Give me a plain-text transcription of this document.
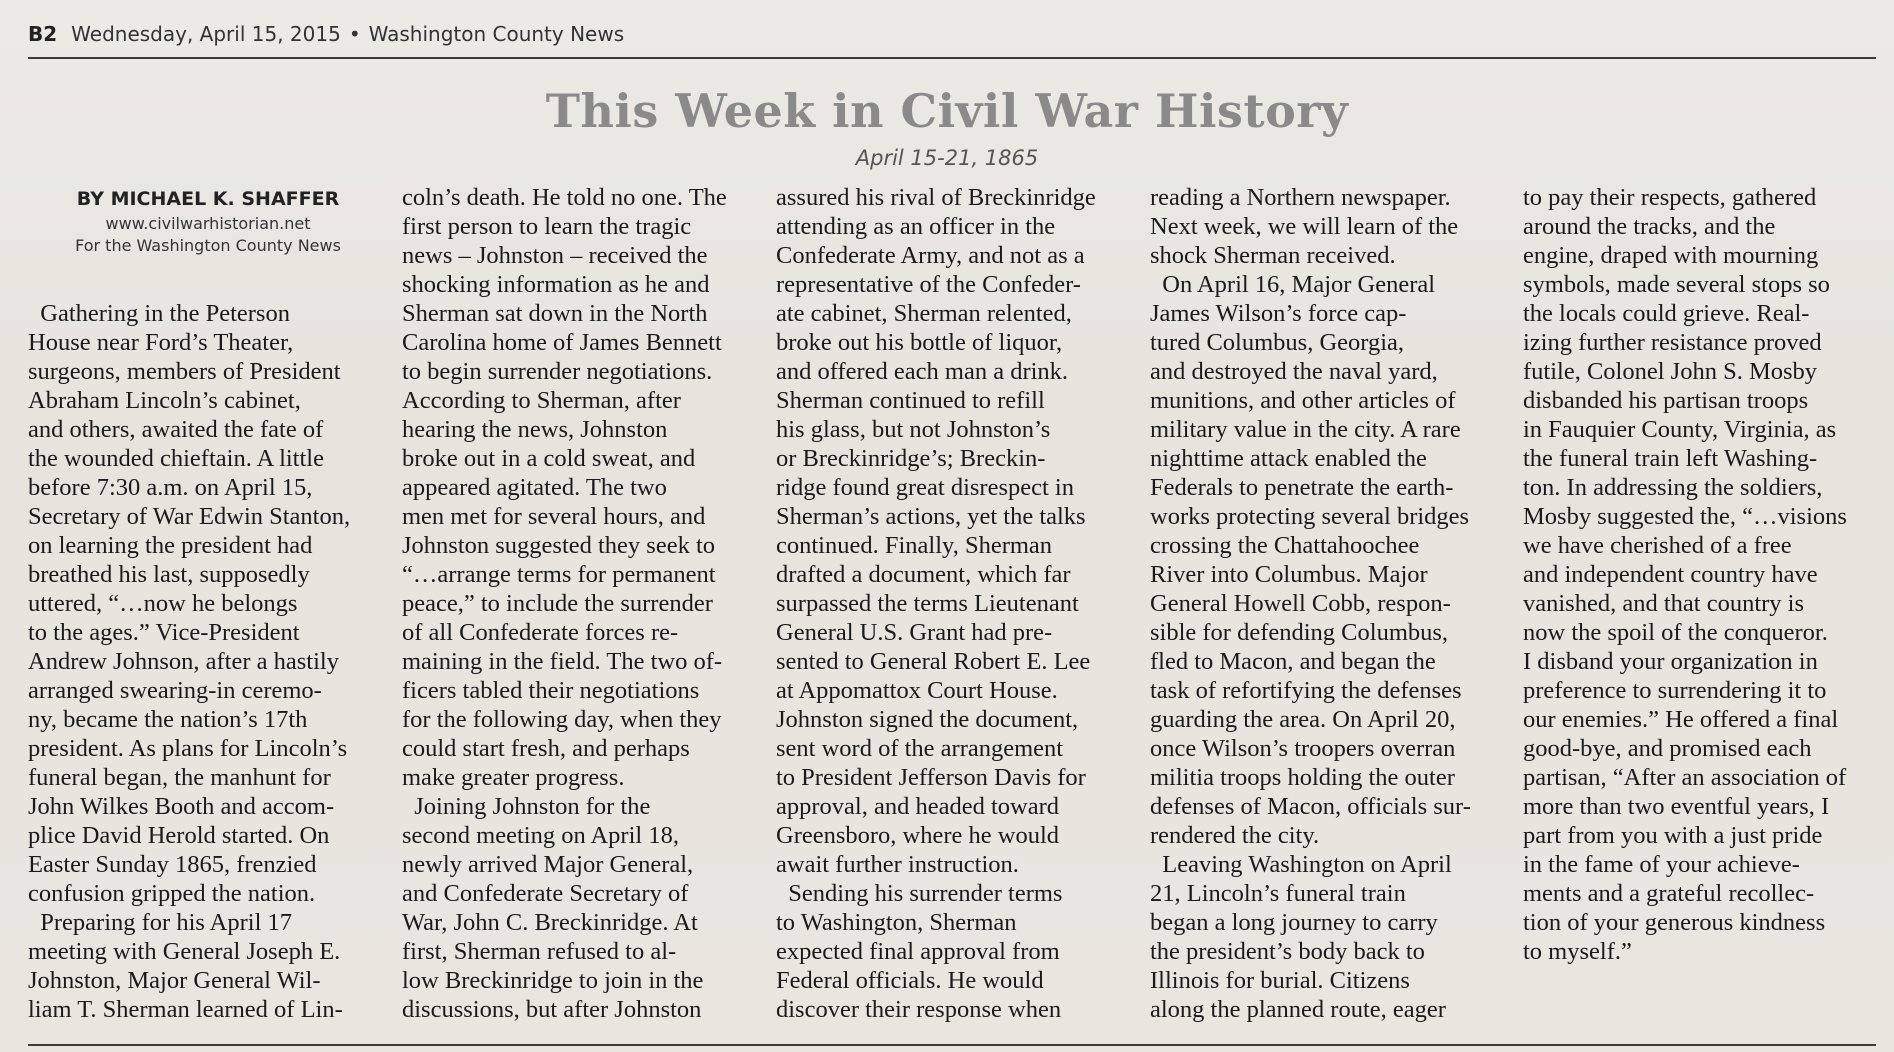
B2 Wednesday, April 15, 2015 • Washington County News
This Week in Civil War History
April 15-21, 1865
BY MICHAEL K. SHAFFER
www.civilwarhistorian.net
For the Washington County News
Gathering in the Peterson
House near Ford’s Theater,
surgeons, members of President
Abraham Lincoln’s cabinet,
and others, awaited the fate of
the wounded chieftain. A little
before 7:30 a.m. on April 15,
Secretary of War Edwin Stanton,
on learning the president had
breathed his last, supposedly
uttered, “…now he belongs
to the ages.” Vice-President
Andrew Johnson, after a hastily
arranged swearing-in ceremo-
ny, became the nation’s 17th
president. As plans for Lincoln’s
funeral began, the manhunt for
John Wilkes Booth and accom-
plice David Herold started. On
Easter Sunday 1865, frenzied
confusion gripped the nation.
Preparing for his April 17
meeting with General Joseph E.
Johnston, Major General Wil-
liam T. Sherman learned of Lin-
coln’s death. He told no one. The
first person to learn the tragic
news – Johnston – received the
shocking information as he and
Sherman sat down in the North
Carolina home of James Bennett
to begin surrender negotiations.
According to Sherman, after
hearing the news, Johnston
broke out in a cold sweat, and
appeared agitated. The two
men met for several hours, and
Johnston suggested they seek to
“…arrange terms for permanent
peace,” to include the surrender
of all Confederate forces re-
maining in the field. The two of-
ficers tabled their negotiations
for the following day, when they
could start fresh, and perhaps
make greater progress.
Joining Johnston for the
second meeting on April 18,
newly arrived Major General,
and Confederate Secretary of
War, John C. Breckinridge. At
first, Sherman refused to al-
low Breckinridge to join in the
discussions, but after Johnston
assured his rival of Breckinridge
attending as an officer in the
Confederate Army, and not as a
representative of the Confeder-
ate cabinet, Sherman relented,
broke out his bottle of liquor,
and offered each man a drink.
Sherman continued to refill
his glass, but not Johnston’s
or Breckinridge’s; Breckin-
ridge found great disrespect in
Sherman’s actions, yet the talks
continued. Finally, Sherman
drafted a document, which far
surpassed the terms Lieutenant
General U.S. Grant had pre-
sented to General Robert E. Lee
at Appomattox Court House.
Johnston signed the document,
sent word of the arrangement
to President Jefferson Davis for
approval, and headed toward
Greensboro, where he would
await further instruction.
Sending his surrender terms
to Washington, Sherman
expected final approval from
Federal officials. He would
discover their response when
reading a Northern newspaper.
Next week, we will learn of the
shock Sherman received.
On April 16, Major General
James Wilson’s force cap-
tured Columbus, Georgia,
and destroyed the naval yard,
munitions, and other articles of
military value in the city. A rare
nighttime attack enabled the
Federals to penetrate the earth-
works protecting several bridges
crossing the Chattahoochee
River into Columbus. Major
General Howell Cobb, respon-
sible for defending Columbus,
fled to Macon, and began the
task of refortifying the defenses
guarding the area. On April 20,
once Wilson’s troopers overran
militia troops holding the outer
defenses of Macon, officials sur-
rendered the city.
Leaving Washington on April
21, Lincoln’s funeral train
began a long journey to carry
the president’s body back to
Illinois for burial. Citizens
along the planned route, eager
to pay their respects, gathered
around the tracks, and the
engine, draped with mourning
symbols, made several stops so
the locals could grieve. Real-
izing further resistance proved
futile, Colonel John S. Mosby
disbanded his partisan troops
in Fauquier County, Virginia, as
the funeral train left Washing-
ton. In addressing the soldiers,
Mosby suggested the, “…visions
we have cherished of a free
and independent country have
vanished, and that country is
now the spoil of the conqueror.
I disband your organization in
preference to surrendering it to
our enemies.” He offered a final
good-bye, and promised each
partisan, “After an association of
more than two eventful years, I
part from you with a just pride
in the fame of your achieve-
ments and a grateful recollec-
tion of your generous kindness
to myself.”
